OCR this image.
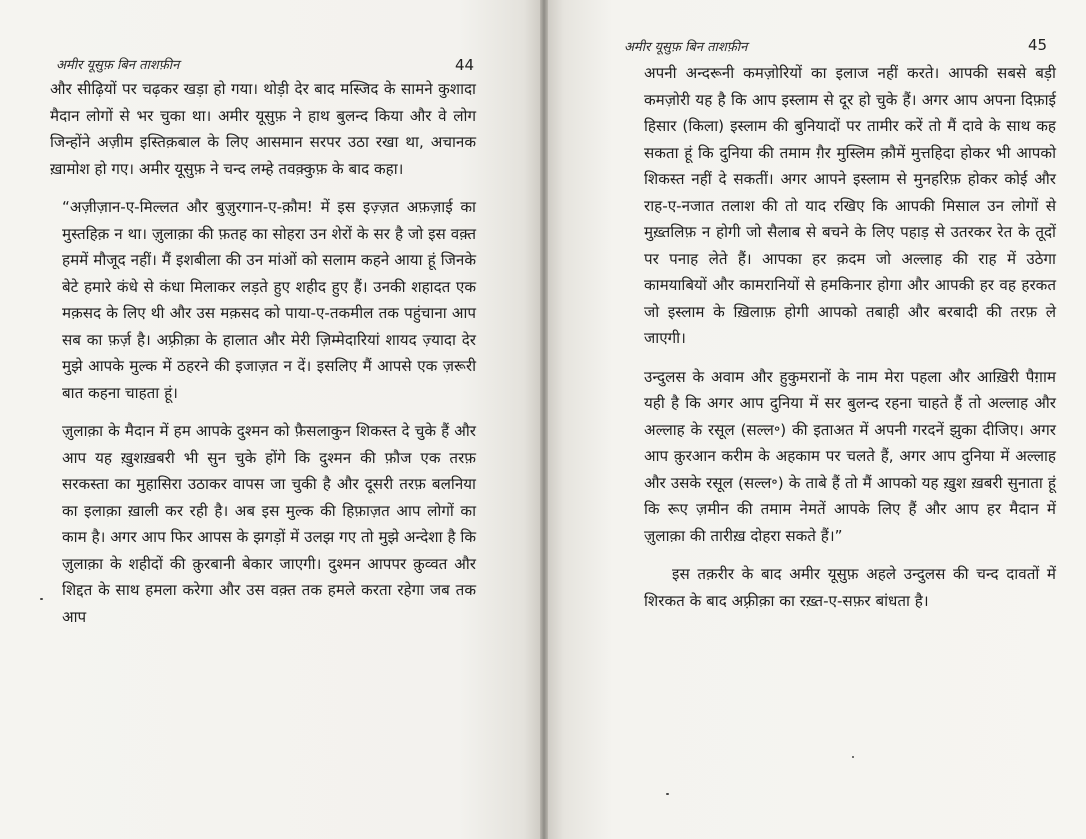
अमीर यूसुफ़ बिन ताशफ़ीन	44

और सीढ़ियों पर चढ़कर खड़ा हो गया। थोड़ी देर बाद मस्जिद के सामने कुशादा मैदान लोगों से भर चुका था। अमीर यूसुफ़ ने हाथ बुलन्द किया और वे लोग जिन्होंने अज़ीम इस्तिक़बाल के लिए आसमान सरपर उठा रखा था, अचानक ख़ामोश हो गए। अमीर यूसुफ़ ने चन्द लम्हे तवक़्कुफ़ के बाद कहा।

“अज़ीज़ान-ए-मिल्लत और बुज़ुरगान-ए-क़ौम! में इस इज़्ज़त अफ़ज़ाई का मुस्तहिक़ न था। ज़ुलाक़ा की फ़तह का सोहरा उन शेरों के सर है जो इस वक़्त हममें मौजूद नहीं। मैं इशबीला की उन मांओं को सलाम कहने आया हूं जिनके बेटे हमारे कंधे से कंधा मिलाकर लड़ते हुए शहीद हुए हैं। उनकी शहादत एक मक़सद के लिए थी और उस मक़सद को पाया-ए-तकमील तक पहुंचाना आप सब का फ़र्ज़ है। अफ़्रीक़ा के हालात और मेरी ज़िम्मेदारियां शायद ज़्यादा देर मुझे आपके मुल्क में ठहरने की इजाज़त न दें। इसलिए मैं आपसे एक ज़रूरी बात कहना चाहता हूं।

ज़ुलाक़ा के मैदान में हम आपके दुश्मन को फ़ैसलाकुन शिकस्त दे चुके हैं और आप यह ख़ुशख़बरी भी सुन चुके होंगे कि दुश्मन की फ़ौज एक तरफ़ सरकस्ता का मुहासिरा उठाकर वापस जा चुकी है और दूसरी तरफ़ बलनिया का इलाक़ा ख़ाली कर रही है। अब इस मुल्क की हिफ़ाज़त आप लोगों का काम है। अगर आप फिर आपस के झगड़ों में उलझ गए तो मुझे अन्देशा है कि ज़ुलाक़ा के शहीदों की क़ुरबानी बेकार जाएगी। दुश्मन आपपर क़ुव्वत और शिद्दत के साथ हमला करेगा और उस वक़्त तक हमले करता रहेगा जब तक आप

अमीर यूसुफ़ बिन ताशफ़ीन	45

अपनी अन्दरूनी कमज़ोरियों का इलाज नहीं करते। आपकी सबसे बड़ी कमज़ोरी यह है कि आप इस्लाम से दूर हो चुके हैं। अगर आप अपना दिफ़ाई हिसार (किला) इस्लाम की बुनियादों पर तामीर करें तो मैं दावे के साथ कह सकता हूं कि दुनिया की तमाम ग़ैर मुस्लिम क़ौमें मुत्तहिदा होकर भी आपको शिकस्त नहीं दे सकतीं। अगर आपने इस्लाम से मुनहरिफ़ होकर कोई और राह-ए-नजात तलाश की तो याद रखिए कि आपकी मिसाल उन लोगों से मुख़्तलिफ़ न होगी जो सैलाब से बचने के लिए पहाड़ से उतरकर रेत के तूदों पर पनाह लेते हैं। आपका हर क़दम जो अल्लाह की राह में उठेगा कामयाबियों और कामरानियों से हमकिनार होगा और आपकी हर वह हरकत जो इस्लाम के ख़िलाफ़ होगी आपको तबाही और बरबादी की तरफ़ ले जाएगी।

उन्दुलस के अवाम और हुकुमरानों के नाम मेरा पहला और आख़िरी पैग़ाम यही है कि अगर आप दुनिया में सर बुलन्द रहना चाहते हैं तो अल्लाह और अल्लाह के रसूल (सल्ल॰) की इताअत में अपनी गरदनें झुका दीजिए। अगर आप क़ुरआन करीम के अहकाम पर चलते हैं, अगर आप दुनिया में अल्लाह और उसके रसूल (सल्ल॰) के ताबे हैं तो मैं आपको यह ख़ुश ख़बरी सुनाता हूं कि रूए ज़मीन की तमाम नेमतें आपके लिए हैं और आप हर मैदान में ज़ुलाक़ा की तारीख़ दोहरा सकते हैं।”

इस तक़रीर के बाद अमीर यूसुफ़ अहले उन्दुलस की चन्द दावतों में शिरकत के बाद अफ़्रीक़ा का रख़्त-ए-सफ़र बांधता है।
